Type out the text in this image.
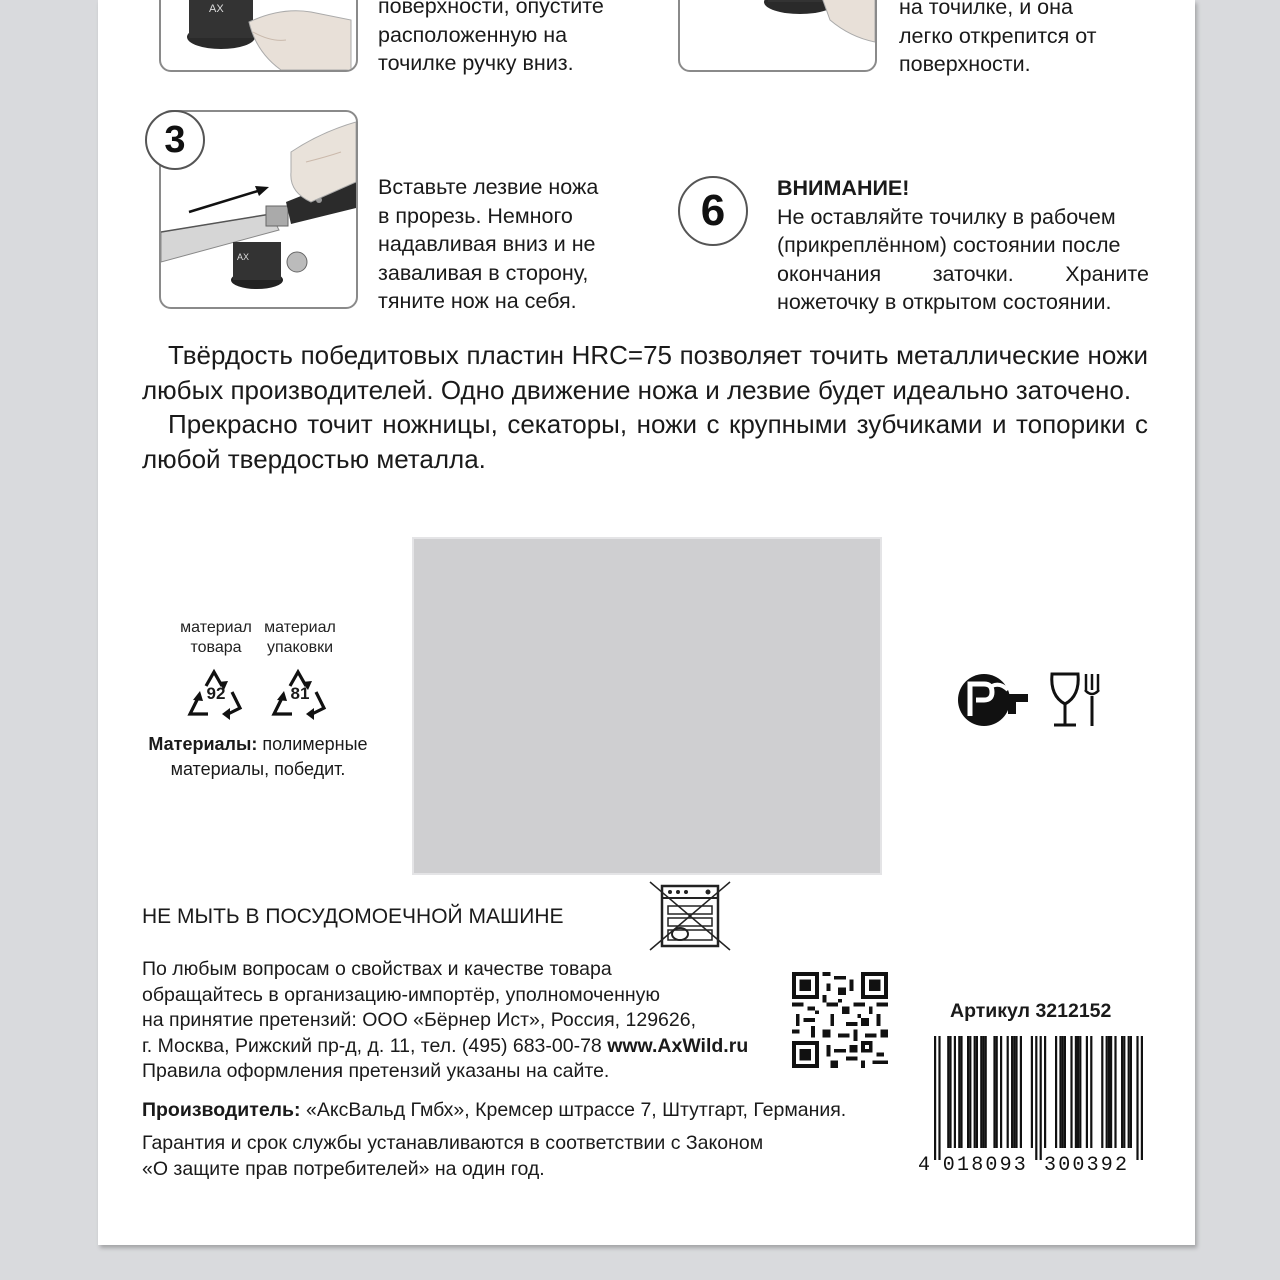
AX	поверхности, опустите
расположенную на
точилке ручку вниз.
на точилке, и она
легко открепится от
поверхности.
AX
3
Вставьте лезвие ножа
в прорезь. Немного
надавливая вниз и не
заваливая в сторону,
тяните нож на себя.
6 ВНИМАНИЕ!
Не оставляйте точилку в рабочем
(прикреплённом) состоянии после
окончания заточки. Храните
ножеточку в открытом состоянии.

Твёрдость победитовых пластин HRC=75 позволяет точить металлические ножи любых производителей. Одно движение ножа и лезвие будет идеально заточено.

Прекрасно точит ножницы, секаторы, ножи с крупными зубчиками и топорики с любой твердостью металла.

материал
товара
материал
упаковки
92	81
Материалы: полимерные
материалы, победит.
НЕ МЫТЬ В ПОСУДОМОЕЧНОЙ МАШИНЕ
По любым вопросам о свойствах и качестве товара
обращайтесь в организацию-импортёр, уполномоченную
на принятие претензий: ООО «Бёрнер Ист», Россия, 129626,
г. Москва, Рижский пр-д, д. 11, тел. (495) 683-00-78 www.AxWild.ru
Правила оформления претензий указаны на сайте.
Производитель: «АксВальд Гмбх», Кремсер штрассе 7, Штутгарт, Германия.
Гарантия и срок службы устанавливаются в соответствии с Законом
«О защите прав потребителей» на один год.
Артикул 3212152
4 018093 300392
